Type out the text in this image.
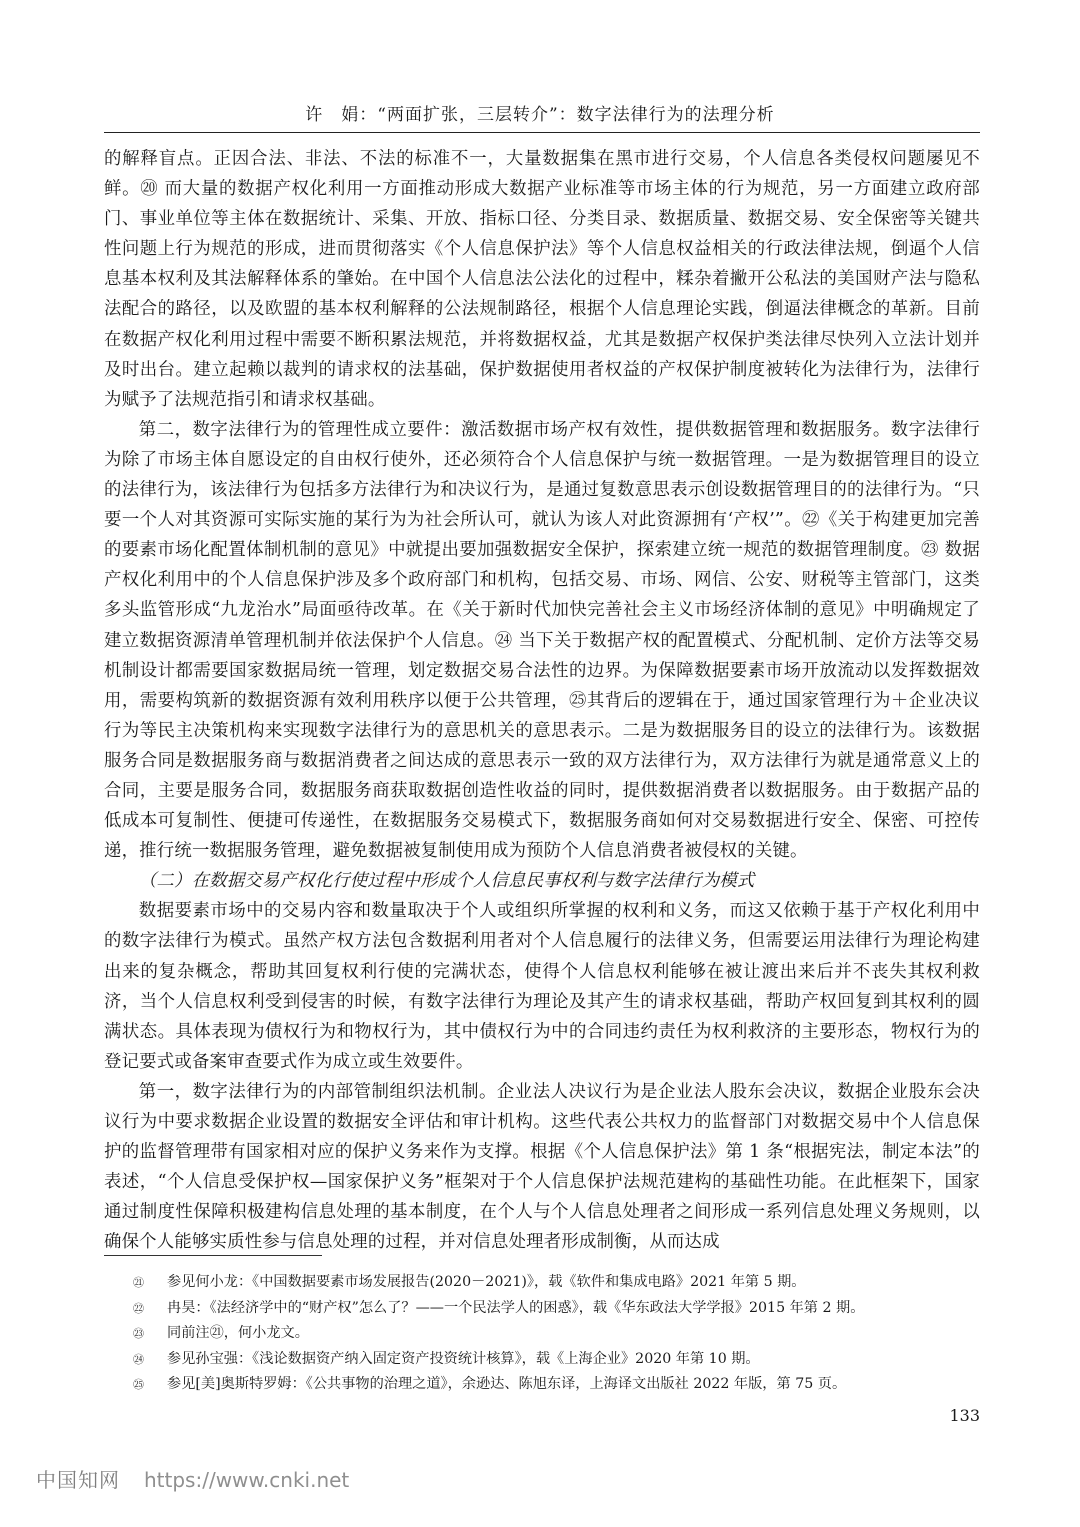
许　娟：“两面扩张，三层转介”：数字法律行为的法理分析

的解释盲点。正因合法、非法、不法的标准不一，大量数据集在黑市进行交易，个人信息各类侵权问题屡见不鲜。⑳ 而大量的数据产权化利用一方面推动形成大数据产业标准等市场主体的行为规范，另一方面建立政府部门、事业单位等主体在数据统计、采集、开放、指标口径、分类目录、数据质量、数据交易、安全保密等关键共性问题上行为规范的形成，进而贯彻落实《个人信息保护法》等个人信息权益相关的行政法律法规，倒逼个人信息基本权利及其法解释体系的肇始。在中国个人信息法公法化的过程中，糅杂着撇开公私法的美国财产法与隐私法配合的路径，以及欧盟的基本权利解释的公法规制路径，根据个人信息理论实践，倒逼法律概念的革新。目前在数据产权化利用过程中需要不断积累法规范，并将数据权益，尤其是数据产权保护类法律尽快列入立法计划并及时出台。建立起赖以裁判的请求权的法基础，保护数据使用者权益的产权保护制度被转化为法律行为，法律行为赋予了法规范指引和请求权基础。

第二，数字法律行为的管理性成立要件：激活数据市场产权有效性，提供数据管理和数据服务。数字法律行为除了市场主体自愿设定的自由权行使外，还必须符合个人信息保护与统一数据管理。一是为数据管理目的设立的法律行为，该法律行为包括多方法律行为和决议行为，是通过复数意思表示创设数据管理目的的法律行为。“只要一个人对其资源可实际实施的某行为为社会所认可，就认为该人对此资源拥有‘产权’”。㉒《关于构建更加完善的要素市场化配置体制机制的意见》中就提出要加强数据安全保护，探索建立统一规范的数据管理制度。㉓ 数据产权化利用中的个人信息保护涉及多个政府部门和机构，包括交易、市场、网信、公安、财税等主管部门，这类多头监管形成“九龙治水”局面亟待改革。在《关于新时代加快完善社会主义市场经济体制的意见》中明确规定了建立数据资源清单管理机制并依法保护个人信息。㉔ 当下关于数据产权的配置模式、分配机制、定价方法等交易机制设计都需要国家数据局统一管理，划定数据交易合法性的边界。为保障数据要素市场开放流动以发挥数据效用，需要构筑新的数据资源有效利用秩序以便于公共管理，㉕其背后的逻辑在于，通过国家管理行为＋企业决议行为等民主决策机构来实现数字法律行为的意思机关的意思表示。二是为数据服务目的设立的法律行为。该数据服务合同是数据服务商与数据消费者之间达成的意思表示一致的双方法律行为，双方法律行为就是通常意义上的合同，主要是服务合同，数据服务商获取数据创造性收益的同时，提供数据消费者以数据服务。由于数据产品的低成本可复制性、便捷可传递性，在数据服务交易模式下，数据服务商如何对交易数据进行安全、保密、可控传递，推行统一数据服务管理，避免数据被复制使用成为预防个人信息消费者被侵权的关键。

（二）在数据交易产权化行使过程中形成个人信息民事权利与数字法律行为模式

数据要素市场中的交易内容和数量取决于个人或组织所掌握的权利和义务，而这又依赖于基于产权化利用中的数字法律行为模式。虽然产权方法包含数据利用者对个人信息履行的法律义务，但需要运用法律行为理论构建出来的复杂概念，帮助其回复权利行使的完满状态，使得个人信息权利能够在被让渡出来后并不丧失其权利救济，当个人信息权利受到侵害的时候，有数字法律行为理论及其产生的请求权基础，帮助产权回复到其权利的圆满状态。具体表现为债权行为和物权行为，其中债权行为中的合同违约责任为权利救济的主要形态，物权行为的登记要式或备案审查要式作为成立或生效要件。

第一，数字法律行为的内部管制组织法机制。企业法人决议行为是企业法人股东会决议，数据企业股东会决议行为中要求数据企业设置的数据安全评估和审计机构。这些代表公共权力的监督部门对数据交易中个人信息保护的监督管理带有国家相对应的保护义务来作为支撑。根据《个人信息保护法》第 1 条“根据宪法，制定本法”的表述，“个人信息受保护权—国家保护义务”框架对于个人信息保护法规范建构的基础性功能。在此框架下，国家通过制度性保障积极建构信息处理的基本制度，在个人与个人信息处理者之间形成一系列信息处理义务规则，以确保个人能够实质性参与信息处理的过程，并对信息处理者形成制衡，从而达成

㉑	参见何小龙：《中国数据要素市场发展报告(2020－2021)》，载《软件和集成电路》2021 年第 5 期。
㉒	冉昊：《法经济学中的“财产权”怎么了？——一个民法学人的困惑》，载《华东政法大学学报》2015 年第 2 期。
㉓	同前注㉑，何小龙文。
㉔	参见孙宝强：《浅论数据资产纳入固定资产投资统计核算》，载《上海企业》2020 年第 10 期。
㉕	参见[美]奥斯特罗姆：《公共事物的治理之道》，余逊达、陈旭东译，上海译文出版社 2022 年版，第 75 页。
133
中国知网 https://www.cnki.net
